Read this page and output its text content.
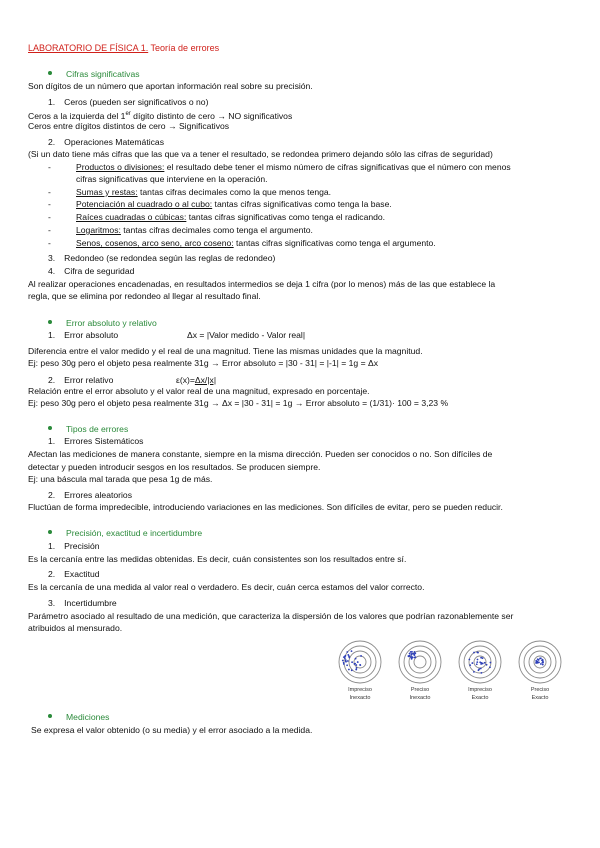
LABORATORIO DE FÍSICA 1. Teoría de errores
Cifras significativas
Son dígitos de un número que aportan información real sobre su precisión.
1. Ceros (pueden ser significativos o no)
Ceros a la izquierda del 1er dígito distinto de cero → NO significativos
Ceros entre dígitos distintos de cero → Significativos
2. Operaciones Matemáticas
(Si un dato tiene más cifras que las que va a tener el resultado, se redondea primero dejando sólo las cifras de seguridad)
-	Productos o divisiones: el resultado debe tener el mismo número de cifras significativas que el número con menos
cifras significativas que interviene en la operación.
-	Sumas y restas: tantas cifras decimales como la que menos tenga.
-	Potenciación al cuadrado o al cubo: tantas cifras significativas como tenga la base.
-	Raíces cuadradas o cúbicas: tantas cifras significativas como tenga el radicando.
-	Logaritmos: tantas cifras decimales como tenga el argumento.
-	Senos, cosenos, arco seno, arco coseno: tantas cifras significativas como tenga el argumento.
3. Redondeo (se redondea según las reglas de redondeo)
4. Cifra de seguridad
Al realizar operaciones encadenadas, en resultados intermedios se deja 1 cifra (por lo menos) más de las que establece la
regla, que se elimina por redondeo al llegar al resultado final.
Error absoluto y relativo
1. Error absoluto	Δx = |Valor medido - Valor real|
Diferencia entre el valor medido y el real de una magnitud. Tiene las mismas unidades que la magnitud.
Ej: peso 30g pero el objeto pesa realmente 31g → Error absoluto = |30 - 31| = |-1| = 1g = Δx
2. Error relativo	ε(x)=Δx/|x|
Relación entre el error absoluto y el valor real de una magnitud, expresado en porcentaje.
Ej: peso 30g pero el objeto pesa realmente 31g → Δx = |30 - 31| = 1g → Error absoluto = (1/31)· 100 = 3,23 %
Tipos de errores
1. Errores Sistemáticos
Afectan las mediciones de manera constante, siempre en la misma dirección. Pueden ser conocidos o no. Son difíciles de
detectar y pueden introducir sesgos en los resultados. Se producen siempre.
Ej: una báscula mal tarada que pesa 1g de más.
2. Errores aleatorios
Fluctúan de forma impredecible, introduciendo variaciones en las mediciones. Son difíciles de evitar, pero se pueden reducir.
Precisión, exactitud e incertidumbre
1. Precisión
Es la cercanía entre las medidas obtenidas. Es decir, cuán consistentes son los resultados entre sí.
2. Exactitud
Es la cercanía de una medida al valor real o verdadero. Es decir, cuán cerca estamos del valor correcto.
3. Incertidumbre
Parámetro asociado al resultado de una medición, que caracteriza la dispersión de los valores que podrían razonablemente ser
atribuidos al mensurado.
Impreciso
Inexacto
Preciso
Inexacto
Impreciso
Exacto
Preciso
Exacto
Mediciones
Se expresa el valor obtenido (o su media) y el error asociado a la medida.
